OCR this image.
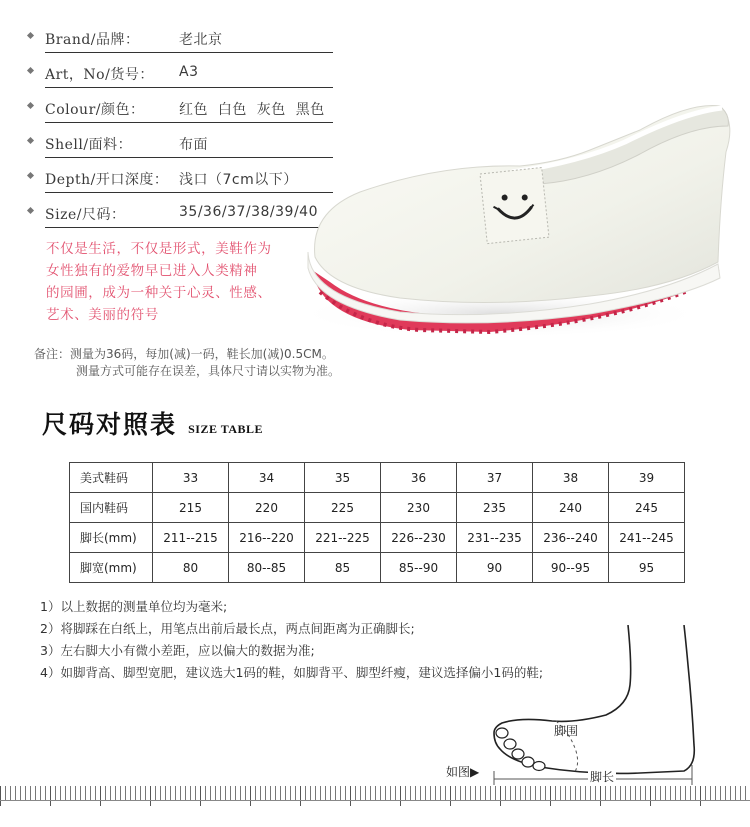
Brand/品牌：	老北京
Art，No/货号： A3
Colour/颜色： 红色  白色  灰色  黑色
Shell/面料：	布面
Depth/开口深度： 浅口（7cm以下）
Size/尺码：	35/36/37/38/39/40
不仅是生活，不仅是形式，美鞋作为
女性独有的爱物早已进入人类精神
的园圃，成为一种关于心灵、性感、
艺术、美丽的符号
备注：测量为36码，每加(减)一码，鞋长加(减)0.5CM。
测量方式可能存在误差，具体尺寸请以实物为准。
尺码对照表 SIZE TABLE
美式鞋码	33	34	35	36	37	38	39
国内鞋码	215	220	225	230	235	240	245
脚长(mm)	211--215	216--220	221--225	226--230	231--235	236--240	241--245
脚宽(mm)	80	80--85	85	85--90	90	90--95	95
1）以上数据的测量单位均为毫米;
2）将脚踩在白纸上，用笔点出前后最长点，两点间距离为正确脚长;
3）左右脚大小有微小差距，应以偏大的数据为准;
4）如脚背高、脚型宽肥，建议选大1码的鞋，如脚背平、脚型纤瘦，建议选择偏小1码的鞋;
脚围
脚长
如图▶
